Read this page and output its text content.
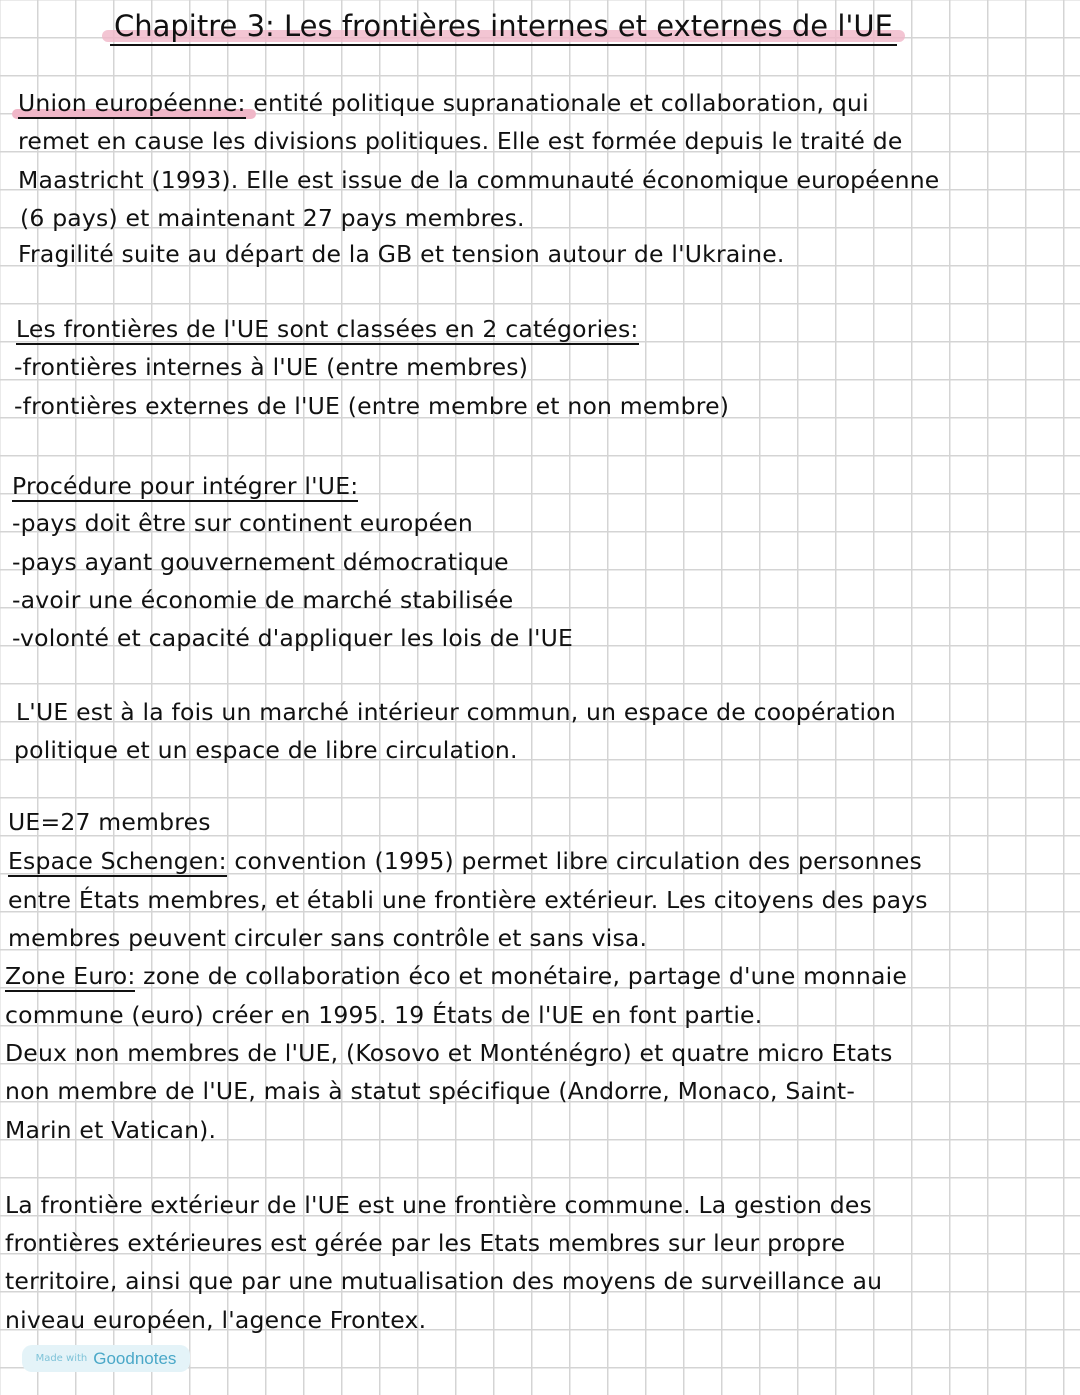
Chapitre 3: Les frontières internes et externes de l'UE
Union européenne: entité politique supranationale et collaboration, qui
remet en cause les divisions politiques. Elle est formée depuis le traité de
Maastricht (1993). Elle est issue de la communauté économique européenne
(6 pays) et maintenant 27 pays membres.
Fragilité suite au départ de la GB et tension autour de l'Ukraine.
Les frontières de l'UE sont classées en 2 catégories:
-frontières internes à l'UE (entre membres)
-frontières externes de l'UE (entre membre et non membre)
Procédure pour intégrer l'UE:
-pays doit être sur continent européen
-pays ayant gouvernement démocratique
-avoir une économie de marché stabilisée
-volonté et capacité d'appliquer les lois de l'UE
L'UE est à la fois un marché intérieur commun, un espace de coopération
politique et un espace de libre circulation.
UE=27 membres
Espace Schengen: convention (1995) permet libre circulation des personnes
entre États membres, et établi une frontière extérieur. Les citoyens des pays
membres peuvent circuler sans contrôle et sans visa.
Zone Euro: zone de collaboration éco et monétaire, partage d'une monnaie
commune (euro) créer en 1995. 19 États de l'UE en font partie.
Deux non membres de l'UE, (Kosovo et Monténégro) et quatre micro Etats
non membre de l'UE, mais à statut spécifique (Andorre, Monaco, Saint-
Marin et Vatican).
La frontière extérieur de l'UE est une frontière commune. La gestion des
frontières extérieures est gérée par les Etats membres sur leur propre
territoire, ainsi que par une mutualisation des moyens de surveillance au
niveau européen, l'agence Frontex.
Made with Goodnotes
